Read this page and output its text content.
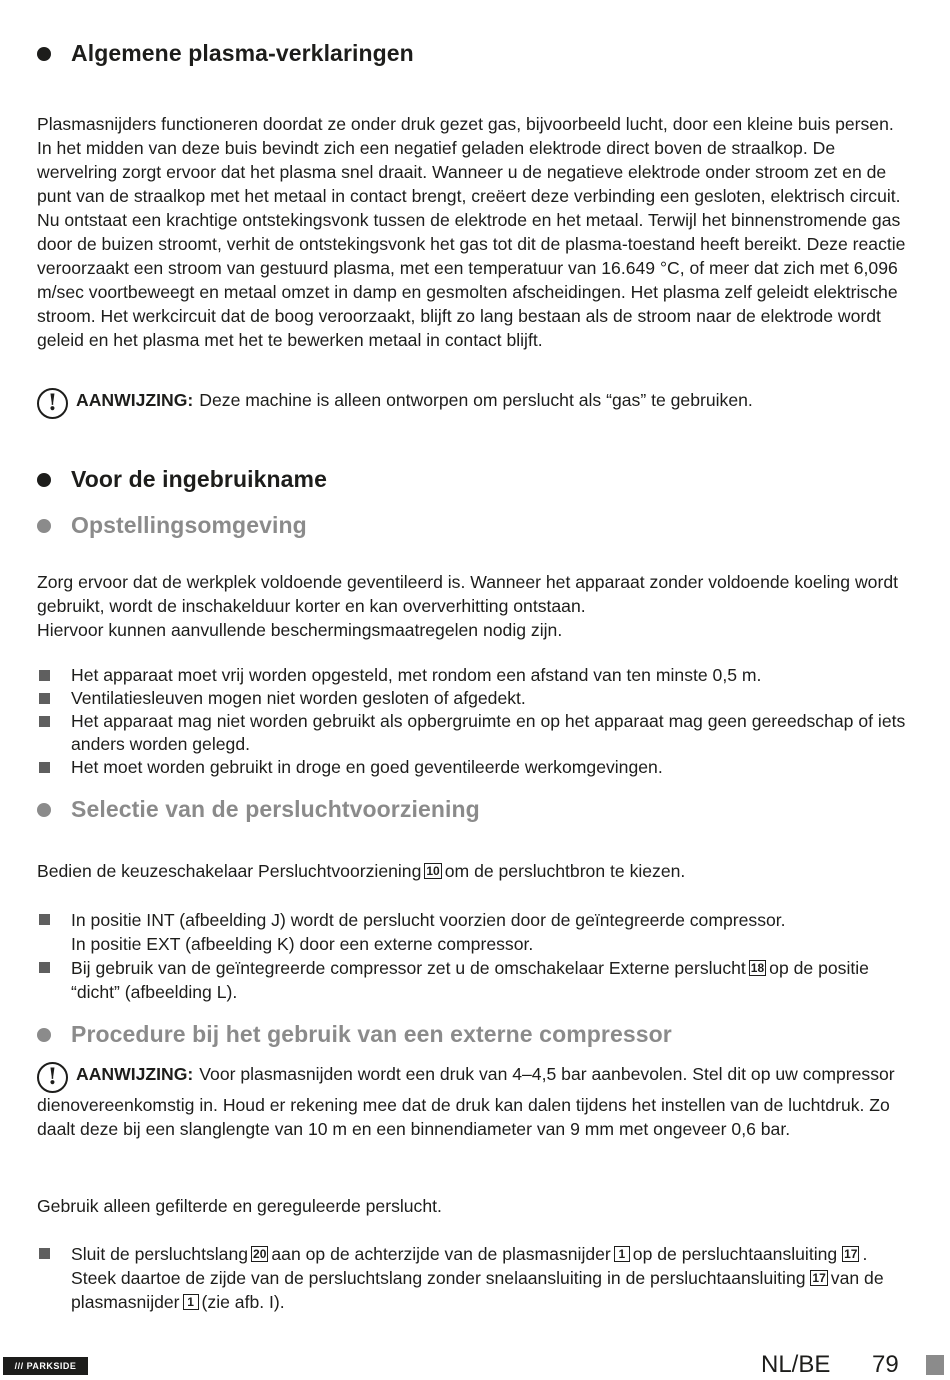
Algemene plasma-verklaringen

Plasmasnijders functioneren doordat ze onder druk gezet gas, bijvoorbeeld lucht, door een kleine buis persen. In het midden van deze buis bevindt zich een negatief geladen elektrode direct boven de straalkop. De wervelring zorgt ervoor dat het plasma snel draait. Wanneer u de negatieve elektrode onder stroom zet en de punt van de straalkop met het metaal in contact brengt, creëert deze verbinding een gesloten, elektrisch circuit. Nu ontstaat een krachtige ontstekingsvonk tussen de elektrode en het metaal. Terwijl het binnenstromende gas door de buizen stroomt, verhit de ontstekingsvonk het gas tot dit de plasma-toestand heeft bereikt. Deze reactie veroorzaakt een stroom van gestuurd plasma, met een temperatuur van 16.649 °C, of meer dat zich met 6,096 m/sec voortbeweegt en metaal omzet in damp en gesmolten afscheidingen. Het plasma zelf geleidt elektrische stroom. Het werkcircuit dat de boog veroorzaakt, blijft zo lang bestaan als de stroom naar de elektrode wordt geleid en het plasma met het te bewerken metaal in contact blijft.

! AANWIJZING: Deze machine is alleen ontworpen om perslucht als “gas” te gebruiken.
Voor de ingebruikname
Opstellingsomgeving
Zorg ervoor dat de werkplek voldoende geventileerd is. Wanneer het apparaat zonder voldoende koeling wordt gebruikt, wordt de inschakelduur korter en kan oververhitting ontstaan.
Hiervoor kunnen aanvullende beschermingsmaatregelen nodig zijn.
Het apparaat moet vrij worden opgesteld, met rondom een afstand van ten minste 0,5 m.
Ventilatiesleuven mogen niet worden gesloten of afgedekt.
Het apparaat mag niet worden gebruikt als opbergruimte en op het apparaat mag geen gereedschap of iets anders worden gelegd.
Het moet worden gebruikt in droge en goed geventileerde werkomgevingen.
Selectie van de persluchtvoorziening
Bedien de keuzeschakelaar Persluchtvoorziening 10 om de persluchtbron te kiezen.
In positie INT (afbeelding J) wordt de perslucht voorzien door de geïntegreerde compressor.
In positie EXT (afbeelding K) door een externe compressor.
Bij gebruik van de geïntegreerde compressor zet u de omschakelaar Externe perslucht 18 op de positie “dicht” (afbeelding L).
Procedure bij het gebruik van een externe compressor
! AANWIJZING: Voor plasmasnijden wordt een druk van 4–4,5 bar aanbevolen. Stel dit op uw compressor dienovereenkomstig in. Houd er rekening mee dat de druk kan dalen tijdens het instellen van de luchtdruk. Zo daalt deze bij een slanglengte van 10 m en een binnendiameter van 9 mm met ongeveer 0,6 bar.
Gebruik alleen gefilterde en gereguleerde perslucht.
Sluit de persluchtslang 20 aan op de achterzijde van de plasmasnijder 1 op de persluchtaansluiting 17 . Steek daartoe de zijde van de persluchtslang zonder snelaansluiting in de persluchtaansluiting 17 van de plasmasnijder 1 (zie afb. I).
/// PARKSIDE	NL/BE 79
